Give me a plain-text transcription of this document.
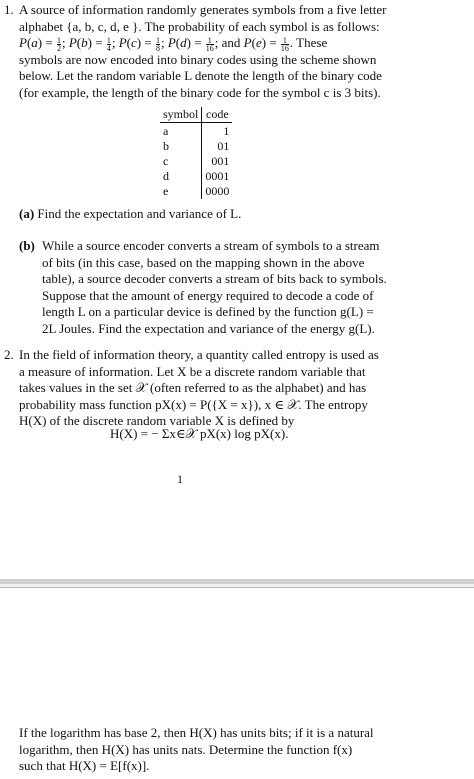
1. A source of information randomly generates symbols from a five letter
alphabet {a, b, c, d, e }. The probability of each symbol is as follows:
$P(a) = \frac{1}{2}$ ; $P(b) = \frac{1}{4}$ ; $P(c) = \frac{1}{8}$ ; $P(d) = \frac{1}{16}$ ; and $P(e) = \frac{1}{16}$ . These
symbols are now encoded into binary codes using the scheme shown
below. Let the random variable L denote the length of the binary code
(for example, the length of the binary code for the symbol c is 3 bits).
symbol	code
a	1
b	01
c	001
d	0001
e	0000
(a) Find the expectation and variance of L.
(b) While a source encoder converts a stream of symbols to a stream
of bits (in this case, based on the mapping shown in the above
table), a source decoder converts a stream of bits back to symbols.
Suppose that the amount of energy required to decode a code of
length L on a particular device is defined by the function g(L) =
2L Joules. Find the expectation and variance of the energy g(L).
2. In the field of information theory, a quantity called entropy is used as
a measure of information. Let X be a discrete random variable that
takes values in the set 𝒳 (often referred to as the alphabet) and has
probability mass function pX(x) = P({X = x}), x ∈ 𝒳. The entropy
H(X) of the discrete random variable X is defined by
H(X) = − Σx∈𝒳 pX(x) log pX(x).
1
If the logarithm has base 2, then H(X) has units bits; if it is a natural
logarithm, then H(X) has units nats. Determine the function f(x)
such that H(X) = E[f(x)].
